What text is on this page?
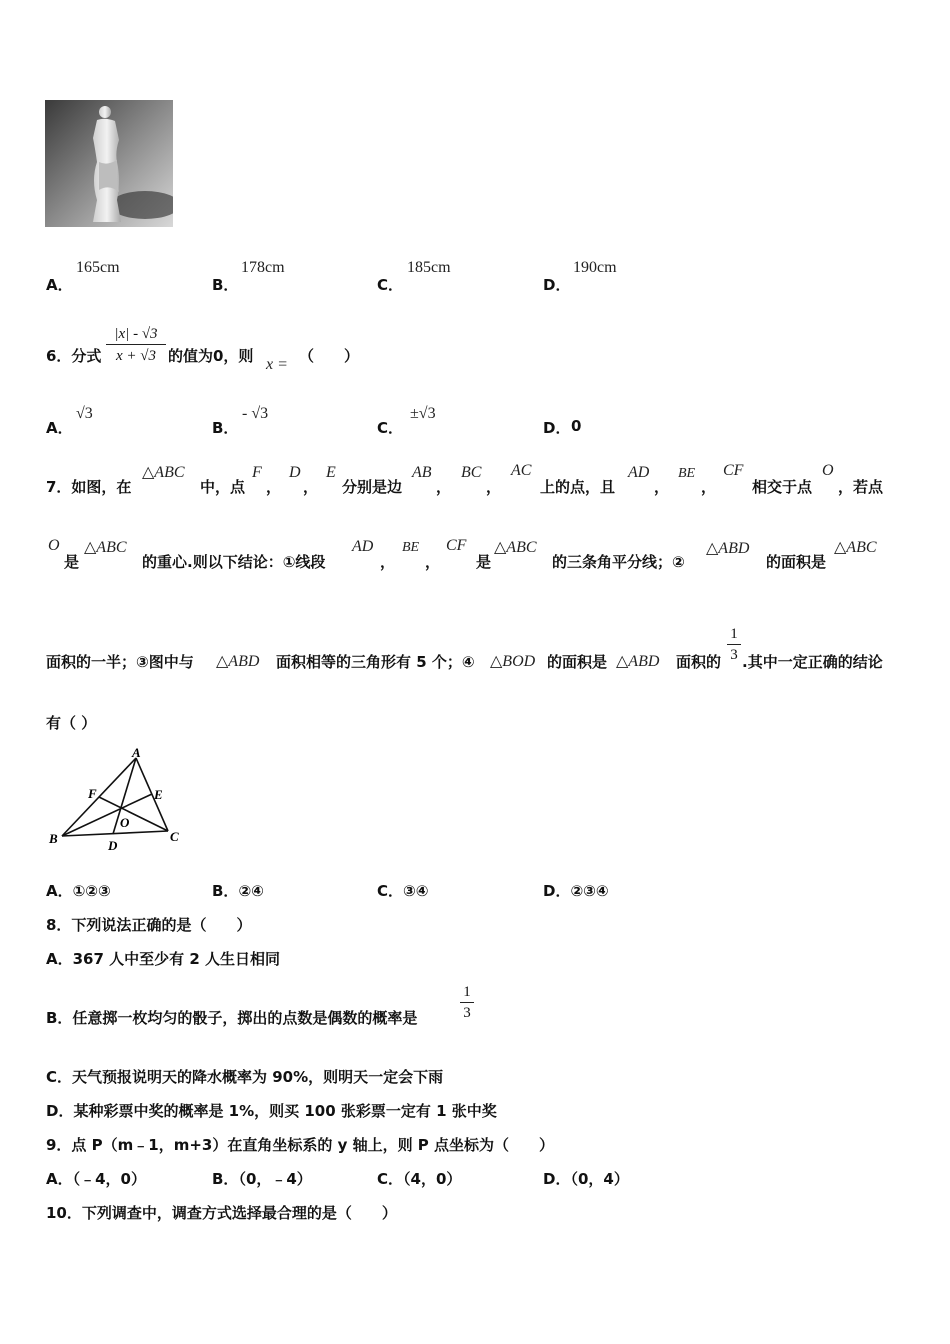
A．
165cm
B．
178cm
C．
185cm
D．
190cm
6．分式 $\frac{|x| - √3}{x + √3}$ 的值为0，则 x = （　　）
A．
√3
B．
- √3
C．
±√3
D． 0
7．如图，在
△ABC
中，点
F
，
D
，
E
分别是边
AB
，
BC
，
AC
上的点，且
AD
，
BE
，
CF
相交于点
O
，若点
O
是
△ABC
的重心.则以下结论：①线段
AD
，
BE
，
CF
是
△ABC
的三条角平分线；②
△ABD
的面积是
△ABC
面积的一半；③图中与 △ABD 面积相等的三角形有 5 个；④ △BOD 的面积是 △ABD 面积的 $\frac{1}{3}$ .其中一定正确的结论
有（ ）
A
B	C
D
E
F
O
A．①②③	B．②④	C．③④	D．②③④
8．下列说法正确的是（　　）
A．367 人中至少有 2 人生日相同
B．任意掷一枚均匀的骰子，掷出的点数是偶数的概率是	$\frac{1}{3}$
C．天气预报说明天的降水概率为 90%，则明天一定会下雨
D．某种彩票中奖的概率是 1%，则买 100 张彩票一定有 1 张中奖
9．点 P（m﹣1，m+3）在直角坐标系的 y 轴上，则 P 点坐标为（　　）
A．（﹣4，0）	B．（0，﹣4）	C．（4，0）	D．（0，4）
10．下列调查中，调查方式选择最合理的是（　　）
